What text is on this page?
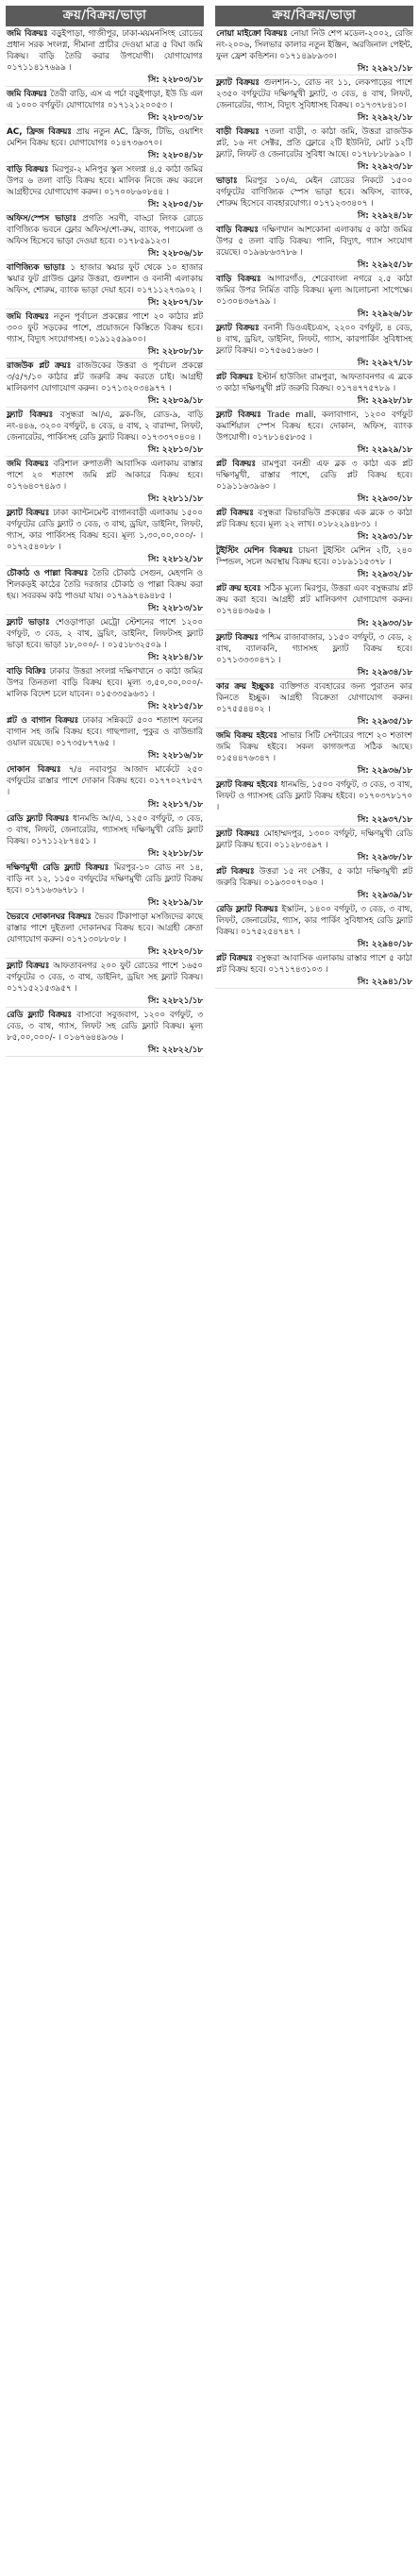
ক্রয়/বিক্রয়/ভাড়া
জমি বিক্রয়ঃ বড়ুইপাড়া, গাজীপুর, ঢাকা-ময়মনসিংহ রোডের প্রধান সরক সংলগ্ন, সীমানা প্রাচীর দেওয়া মাত্র ৫ বিঘা জমি বিক্রয়। বাড়ি তৈরি করার উপযোগী। যোগাযোগঃ ০১৭১১৪১৭৬৯৯ ।
সি: ২২৮০৩/১৮
জমি বিক্রয়ঃ তৈরী বাড়ি, এস এ পর্চা বড়ুইপাড়া, ইউ ডি এল এ ১০০০ বর্গফুট। যোগাযোগঃ ০১৭১২১২০০৫৩ ।
সি: ২২৮০৩/১৮
AC, ফ্রিজ বিক্রয়ঃ প্রায় নতুন AC, ফ্রিজ, টিভি, ওয়াশিং মেশিন বিক্রয় হবে। যোগাযোগঃ ০১৪৭৩৬৩৭০।
সি: ২২৮০৪/১৮
বাড়ি বিক্রয়ঃ মিরপুর-২ মনিপুর স্কুল সংলগ্ন ৪.৫ কাঠা জমির উপর ৬ তলা বাড়ি বিক্রয় হবে। মালিক নিজে ক্রয় করলে আগ্রহীদের যোগাযোগ করুন। ০১৭০০৮৬০৮৪৪ ।
সি: ২২৮০৫/১৮
অফিস/স্পেস ভাড়াঃ প্রগতি সরণী, বাড্ডা লিংক রোডে বাণিজ্যিক ভবনে ফ্লোর অফিস/শো-রুম, ব্যাংক, পণ্যমেলা ও অফিস হিসেবে ভাড়া দেওয়া হবে। ০১৭৮৫৯১২৩।
সি: ২২৮০৬/১৮
বাণিজ্যিক ভাড়াঃ ১ হাজার স্কয়ার ফুট থেকে ১০ হাজার স্কয়ার ফুট গ্রাউন্ড ফ্লোর উত্তরা, গুলশান ও বনানী এলাকায় অফিস, শোরুম, ব্যাংক ভাড়া দেয়া হবে। ০১৭১১২৭৩৯০২ ।
সি: ২২৮০৭/১৮
জমি বিক্রয়ঃ নতুন পূর্বাচল প্রকল্পের পাশে ২০ কাঠার প্লট ৩০০ ফুট সড়কের পাশে, প্রয়োজনে কিস্তিতে বিক্রয় হবে। গ্যাস, বিদ্যুৎ সংযোগসহ। ০১৯১২৫৯৯০০।
সি: ২২৮০৮/১৮
রাজউক প্লট ক্রয়ঃ রাজউকের উত্তরা ও পূর্বাচল প্রকল্পে ৩/৫/৭/১০ কাঠার প্লট জরুরি ক্রয় করতে চাই। আগ্রহী মালিকগণ যোগাযোগ করুন। ০১৭১৩২০৩৪৯৭৭ ।
সি: ২২৮০৯/১৮
ফ্ল্যাট বিক্রয়ঃ বসুন্ধরা আ/এ, ব্লক-জি, রোড-৯, বাড়ি নং-৪৪৬, ৩২০০ বর্গফুট, ৪ বেড, ৪ বাথ, ২ বারান্দা, লিফট, জেনারেটর, পার্কিংসহ রেডি ফ্ল্যাট বিক্রয়। ০১৭৩৩৭০৪০৪ ।
সি: ২২৮১০/১৮
জমি বিক্রয়ঃ বরিশাল রুপাতলী আবাসিক এলাকায় রাস্তার পাশে ২০ শতাংশ জমি প্লট আকারে বিক্রয় হবে। ০১৭৬৪০৭৪৯৩ ।
সি: ২২৮১১/১৮
ফ্ল্যাট বিক্রয়ঃ ঢাকা ক্যান্টনমেন্ট বাগানবাড়ী এলাকায় ১৫০০ বর্গফুটের রেডি ফ্ল্যাট ৩ বেড, ৩ বাথ, ড্রয়িং, ডাইনিং, লিফট, গ্যাস, কার পার্কিংসহ বিক্রয় হবে। মূল্য ১,৩০,০০,০০০/- । ০১৭২৫৪০৮৮ ।
সি: ২২৮১২/১৮
চৌকাঠ ও পাল্লা বিক্রয়ঃ তৈরি চৌকাঠ সেগুন, মেহগনি ও শিলকড়ই কাঠের তৈরি দরজার চৌকাঠ ও পাল্লা বিক্রয় করা হয়। সবরকম কাঠ পাওয়া যায়। ০১৭৯৯৭৪৯৪৮৫ ।
সি: ২২৮১৩/১৮
ফ্ল্যাট ভাড়াঃ শেওড়াপাড়া মেট্রো স্টেশনের পাশে ১২০০ বর্গফুট, ৩ বেড, ২ বাথ, ড্রয়িং, ডাইনিং, লিফটসহ ফ্ল্যাট ভাড়া হবে। ভাড়া ১৮,০০০/- । ০১৫১৮৩২৫০৯ ।
সি: ২২৮১৪/১৮
বাড়ি বিক্রিঃ ঢাকার উত্তরা সংলগ্ন দক্ষিণখানে ৩ কাঠা জমির উপর তিনতলা বাড়ি বিক্রয় হবে। মূল্য ৩,৫০,০০,০০০/- মালিক বিদেশ চলে যাবেন। ০১৫৩৩৫৯৬৩১ ।
সি: ২২৮১৫/১৮
প্লট ও বাগান বিক্রয়ঃ ঢাকার সন্নিকটে ৫০০ শতাংশ ফলের বাগান সহ জমি বিক্রয় হবে। গাছপালা, পুকুর ও বাউন্ডারি ওয়াল রয়েছে। ০১৭৩৫৮৭৭৬৫ ।
সি: ২২৮১৬/১৮
দোকান বিক্রয়ঃ ৭/৪ নবাবপুর আজাদ মার্কেটে ২৫০ বর্গফুটের রাস্তার পাশে দোকান বিক্রয় হবে। ০১৭৭০২৭৮৫৭ ।
সি: ২২৮১৭/১৮
রেডি ফ্ল্যাট বিক্রয়ঃ ধানমন্ডি আ/এ, ১২৫০ বর্গফুট, ৩ বেড, ৩ বাথ, লিফট, জেনারেটর, গ্যাসসহ দক্ষিণমুখী রেডি ফ্ল্যাট বিক্রয়। ০১৭১১২৮৭৪৫১ ।
সি: ২২৮১৮/১৮
দক্ষিণমুখী রেডি ফ্ল্যাট বিক্রয়ঃ মিরপুর-১০ রোড নং ১৪, বাড়ি নং ১২, ১১৫০ বর্গফুটের দক্ষিণমুখী রেডি ফ্ল্যাট বিক্রয় হবে। ০১৭১৬৩৬৭৮১ ।
সি: ২২৮১৯/১৮
ভৈরবে দোকানঘর বিক্রয়ঃ ভৈরব টিকাপাড়া মসজিদের কাছে রাস্তার পাশে দুইতলা দোকানঘর বিক্রয় হবে। আগ্রহী ক্রেতা যোগাযোগ করুন। ০১৭১৩০৮৮০৮ ।
সি: ২২৮২০/১৮
ফ্ল্যাট বিক্রয়ঃ আফতাবনগর ২০০ ফুট রোডের পাশে ১৬৫০ বর্গফুটের ৩ বেড, ৩ বাথ, ডাইনিং, ড্রয়িং সহ ফ্ল্যাট বিক্রয়। ০১৭১৫২১৫৩৯৫৭ ।
সি: ২২৮২১/১৮
রেডি ফ্ল্যাট বিক্রয়ঃ বাসাবো সবুজবাগ, ১২০০ বর্গফুট, ৩ বেড, ৩ বাথ, গ্যাস, লিফট সহ রেডি ফ্ল্যাট বিক্রয়। মূল্য ৮৫,০০,০০০/- । ০১৬৭৬৪৪৯৩৬ ।
সি: ২২৮২২/১৮
ক্রয়/বিক্রয়/ভাড়া
নোয়া মাইক্রো বিক্রয়ঃ নোয়া নিউ শেপ মডেল-২০০২, রেজি নং-২০০৬, সিলভার কালার নতুন ইঞ্জিন, অরজিনাল পেইন্ট, ফুল ফ্রেশ কন্ডিশন। ০১৭১৪৯৮৯৩০।
সি: ২২৯২১/১৮
ফ্ল্যাট বিক্রয়ঃ গুলশান-১, রোড নং ১১, লেকপাড়ের পাশে ২৩৫০ বর্গফুটের দক্ষিণমুখী ফ্ল্যাট, ৩ বেড, ৪ বাথ, লিফট, জেনারেটর, গ্যাস, বিদ্যুৎ সুবিধাসহ বিক্রয়। ০১৭৩৭৮৪১০।
সি: ২২৯২২/১৮
বাড়ী বিক্রয়ঃ ৭তলা বাড়ী, ৩ কাঠা জমি, উত্তরা রাজউক প্লট, ১৬ নং সেক্টর, প্রতি ফ্লোরে ২টি ইউনিট, মোট ১২টি ফ্ল্যাট, লিফট ও জেনারেটর সুবিধা আছে। ০১৭৮৮১৮৯৯০ ।
সি: ২২৯২৩/১৮
ভাড়াঃ মিরপুর ১০/এ, মেইন রোডের নিকটে ১৫০০ বর্গফুটের বাণিজ্যিক স্পেস ভাড়া হবে। অফিস, ব্যাংক, শোরুম হিসেবে ব্যবহারযোগ্য। ০১৭১২৩৩৪০৭ ।
সি: ২২৯২৪/১৮
বাড়ি বিক্রয়ঃ দক্ষিণখান আশকোনা এলাকায় ৫ কাঠা জমির উপর ৫ তলা বাড়ি বিক্রয়। পানি, বিদ্যুৎ, গ্যাস সংযোগ রয়েছে। ০১৯৬৮৬৩৭৮৬ ।
সি: ২২৯২৫/১৮
বাড়ি বিক্রয়ঃ আগারগাঁও, শেরেবাংলা নগরে ২.৫ কাঠা জমির উপর নির্মিত বাড়ি বিক্রয়। মূল্য আলোচনা সাপেক্ষে। ০১৩০৪৩৬৭৯৯ ।
সি: ২২৯২৬/১৮
ফ্ল্যাট বিক্রয়ঃ বনানী ডিওএইচএস, ২২০০ বর্গফুট, ৪ বেড, ৪ বাথ, ড্রয়িং, ডাইনিং, লিফট, গ্যাস, কারপার্কিং সুবিধাসহ ফ্ল্যাট বিক্রয়। ০১৭৫৬৫১৬৬৩ ।
সি: ২২৯২৭/১৮
প্লট বিক্রয়ঃ ইস্টার্ন হাউজিং রামপুরা, আফতাবনগর এ ব্লকে ৩ কাঠা দক্ষিণমুখী প্লট জরুরি বিক্রয়। ০১৭৪৭৭৫৭৮৯ ।
সি: ২২৯২৮/১৮
ফ্ল্যাট বিক্রয়ঃ Trade mall, কলাবাগান, ১২০০ বর্গফুট কমার্শিয়াল স্পেস বিক্রয় হবে। দোকান, অফিস, ব্যাংক উপযোগী। ০১৭৮১৪৫৮৩৫ ।
সি: ২২৯২৯/১৮
প্লট বিক্রয়ঃ রামপুরা বনশ্রী এফ ব্লক ৩ কাঠা এক প্লট দক্ষিণমুখী, রাস্তার পাশে, রেডি প্লট বিক্রয় হবে। ০১৯১১৬৩৯৬০ ।
সি: ২২৯৩০/১৮
প্লট বিক্রয়ঃ বসুন্ধরা রিভারভিউ প্রকল্পের এক ব্লকে ৩ কাঠা প্লট বিক্রয় হবে। মূল্য ২২ লাখ। ০১৮২২৯৪৮৩১ ।
সি: ২২৯৩১/১৮
টুইস্টিং মেশিন বিক্রয়ঃ চায়না টুইস্টিং মেশিন ২টি, ২৪০ স্পিন্ডল, সচল অবস্থায় বিক্রয় হবে। ০১৮৯১১৫৩৭৮ ।
সি: ২২৯৩২/১৮
প্লট ক্রয় হবেঃ সঠিক মূল্যে মিরপুর, উত্তরা এবং বসুন্ধরায় প্লট ক্রয় করা হবে। আগ্রহী প্লট মালিকগণ যোগাযোগ করুন। ০১৭৪৪৩৬৫৬ ।
সি: ২২৯৩৩/১৮
ফ্ল্যাট বিক্রয়ঃ পশ্চিম রাজাবাজার, ১১৫০ বর্গফুট, ৩ বেড, ২ বাথ, ব্যালকনি, গ্যাসসহ ফ্ল্যাট বিক্রয় হবে। ০১৭১৩৩৩০৪৭১ ।
সি: ২২৯৩৪/১৮
কার ক্রয় ইচ্ছুকঃ ব্যক্তিগত ব্যবহারের জন্য পুরাতন কার কিনতে ইচ্ছুক। আগ্রহী বিক্রেতা যোগাযোগ করুন। ০১৭৫৫৪৪০২ ।
সি: ২২৯৩৫/১৮
জমি বিক্রয় হইবেঃ সাভার সিটি সেন্টারের পাশে ২০ শতাংশ জমি বিক্রয় হইবে। সকল কাগজপত্র সঠিক আছে। ০১৫৪৪৭৬৩৪৭ ।
সি: ২২৯৩৬/১৮
ফ্ল্যাট বিক্রয় হইবেঃ ধানমন্ডি, ১৫০০ বর্গফুট, ৩ বেড, ৩ বাথ, লিফট ও গ্যাসসহ রেডি ফ্ল্যাট বিক্রয় হইবে। ০১৭০৩৭৮১৭০ ।
সি: ২২৯৩৭/১৮
ফ্ল্যাট বিক্রয়ঃ মোহাম্মদপুর, ১৩০০ বর্গফুট, দক্ষিণমুখী রেডি ফ্ল্যাট বিক্রয় হবে। ০১১২৮৩৪৯৭ ।
সি: ২২৯৩৮/১৮
প্লট বিক্রয়ঃ উত্তরা ১৫ নং সেক্টর, ৫ কাঠা দক্ষিণমুখী প্লট জরুরি বিক্রয়। ০১৯৩০০৭০৬০ ।
সি: ২২৯৩৯/১৮
রেডি ফ্ল্যাট বিক্রয়ঃ ইস্কাটন, ১৪০০ বর্গফুট, ৩ বেড, ৩ বাথ, লিফট, জেনারেটর, গ্যাস, কার পার্কিং সুবিধাসহ রেডি ফ্ল্যাট বিক্রয়। ০১৭৫২৫৪৭৪৭ ।
সি: ২২৯৪০/১৮
প্লট বিক্রয়ঃ বসুন্ধরা আবাসিক এলাকায় রাস্তার পাশে ৫ কাঠা প্লট বিক্রয় হবে। ০১৭১৭৪৩১০৩ ।
সি: ২২৯৪১/১৮
